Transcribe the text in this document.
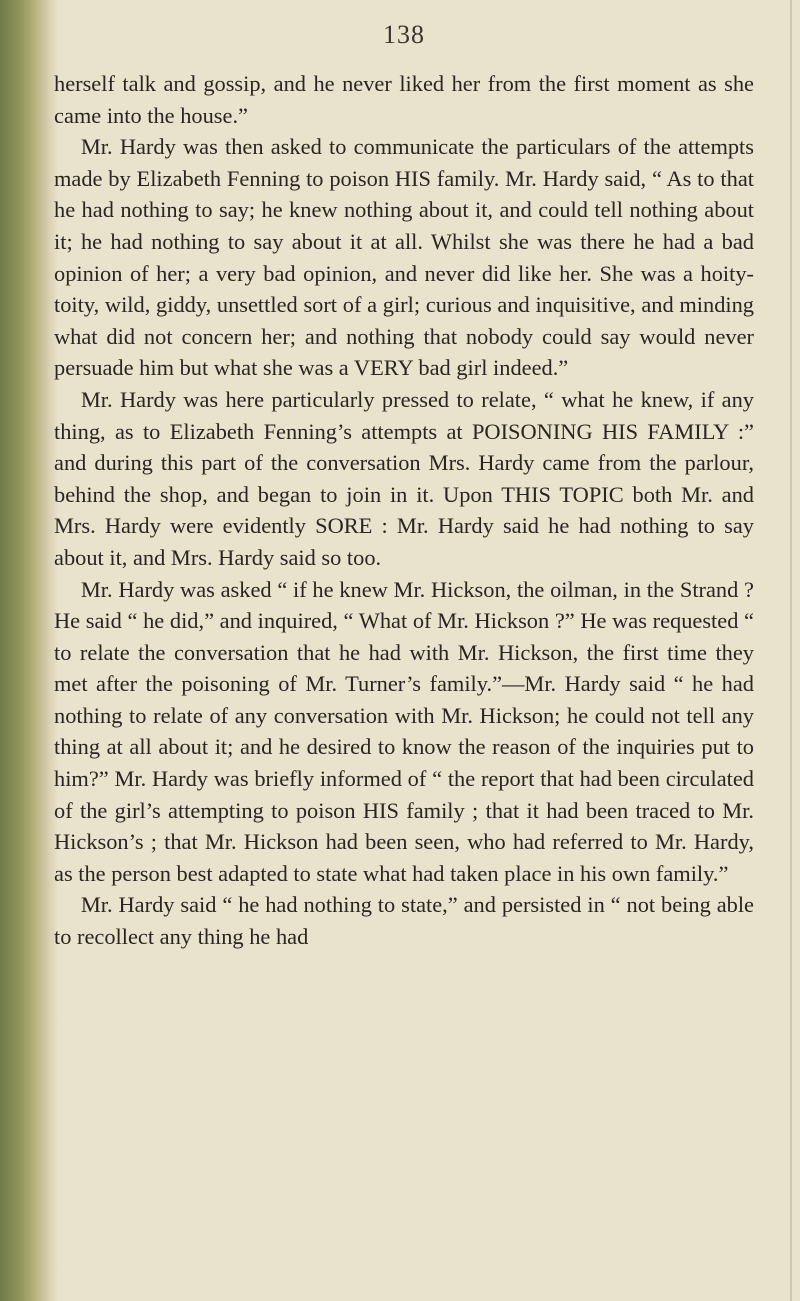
138

herself talk and gossip, and he never liked her from the first moment as she came into the house.”

Mr. Hardy was then asked to communicate the particulars of the attempts made by Elizabeth Fenning to poison HIS family. Mr. Hardy said, “ As to that he had nothing to say; he knew nothing about it, and could tell nothing about it; he had nothing to say about it at all. Whilst she was there he had a bad opinion of her; a very bad opinion, and never did like her. She was a hoity-toity, wild, giddy, unsettled sort of a girl; curious and inquisitive, and minding what did not concern her; and nothing that nobody could say would never persuade him but what she was a VERY bad girl indeed.”

Mr. Hardy was here particularly pressed to relate, “ what he knew, if any thing, as to Elizabeth Fenning’s attempts at POISONING HIS FAMILY :” and during this part of the conversation Mrs. Hardy came from the parlour, behind the shop, and began to join in it. Upon THIS TOPIC both Mr. and Mrs. Hardy were evidently SORE : Mr. Hardy said he had nothing to say about it, and Mrs. Hardy said so too.

Mr. Hardy was asked “ if he knew Mr. Hickson, the oilman, in the Strand ? He said “ he did,” and inquired, “ What of Mr. Hickson ?” He was requested “ to relate the conversation that he had with Mr. Hickson, the first time they met after the poisoning of Mr. Turner’s family.”—Mr. Hardy said “ he had nothing to relate of any conversation with Mr. Hickson; he could not tell any thing at all about it; and he desired to know the reason of the inquiries put to him?” Mr. Hardy was briefly informed of “ the report that had been circulated of the girl’s attempting to poison HIS family ; that it had been traced to Mr. Hickson’s ; that Mr. Hickson had been seen, who had referred to Mr. Hardy, as the person best adapted to state what had taken place in his own family.”

Mr. Hardy said “ he had nothing to state,” and persisted in “ not being able to recollect any thing he had
